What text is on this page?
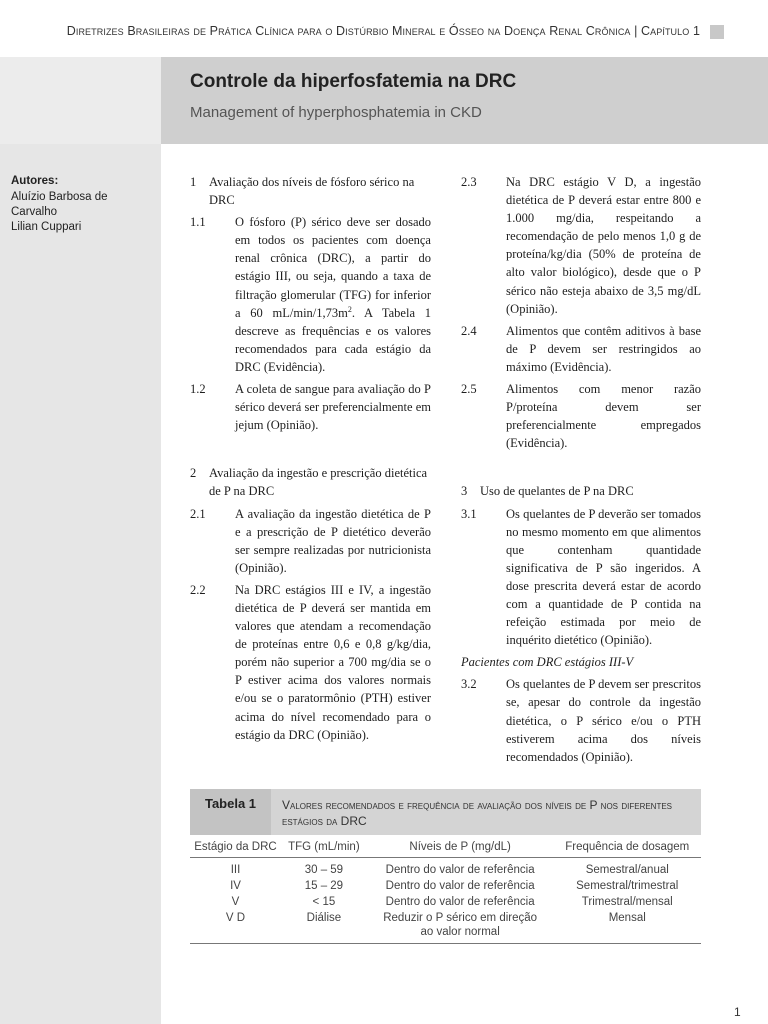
Diretrizes Brasileiras de Prática Clínica para o Distúrbio Mineral e Ósseo na Doença Renal Crônica | Capítulo 1
Controle da hiperfosfatemia na DRC
Management of hyperphosphatemia in CKD
Autores:
Aluízio Barbosa de Carvalho
Lilian Cuppari
1	Avaliação dos níveis de fósforo sérico na DRC
1.1	O fósforo (P) sérico deve ser dosado em todos os pacientes com doença renal crônica (DRC), a partir do estágio III, ou seja, quando a taxa de filtração glomerular (TFG) for inferior a 60 $mL/\min/1,73m^2$. A Tabela 1 descreve as frequências e os valores recomendados para cada estágio da DRC (Evidência).
1.2	A coleta de sangue para avaliação do P sérico deverá ser preferencialmente em jejum (Opinião).
2	Avaliação da ingestão e prescrição dietética de P na DRC
2.1	A avaliação da ingestão dietética de P e a prescrição de P dietético deverão ser sempre realizadas por nutricionista (Opinião).
2.2	Na DRC estágios III e IV, a ingestão dietética de P deverá ser mantida em valores que atendam a recomendação de proteínas entre 0,6 e 0,8 g/kg/dia, porém não superior a 700 mg/dia se o P estiver acima dos valores normais e/ou se o paratormônio (PTH) estiver acima do nível recomendado para o estágio da DRC (Opinião).
2.3	Na DRC estágio V D, a ingestão dietética de P deverá estar entre 800 e 1.000 mg/dia, respeitando a recomendação de pelo menos 1,0 g de proteína/kg/dia (50% de proteína de alto valor biológico), desde que o P sérico não esteja abaixo de 3,5 mg/dL (Opinião).
2.4	Alimentos que contêm aditivos à base de P devem ser restringidos ao máximo (Evidência).
2.5	Alimentos com menor razão P/proteína devem ser preferencialmente empregados (Evidência).
3	Uso de quelantes de P na DRC
3.1	Os quelantes de P deverão ser tomados no mesmo momento em que alimentos que contenham quantidade significativa de P são ingeridos. A dose prescrita deverá estar de acordo com a quantidade de P contida na refeição estimada por meio de inquérito dietético (Opinião).
Pacientes com DRC estágios III-V
3.2	Os quelantes de P devem ser prescritos se, apesar do controle da ingestão dietética, o P sérico e/ou o PTH estiverem acima dos níveis recomendados (Opinião).
Tabela 1	Valores recomendados e frequência de avaliação dos níveis de P nos diferentes estágios da DRC
Estágio da DRC	TFG (mL/min)	Níveis de P (mg/dL)	Frequência de dosagem
III	30 – 59	Dentro do valor de referência	Semestral/anual
IV	15 – 29	Dentro do valor de referência	Semestral/trimestral
V	< 15	Dentro do valor de referência	Trimestral/mensal
V D	Diálise	Reduzir o P sérico em direção ao valor normal	Mensal
1
